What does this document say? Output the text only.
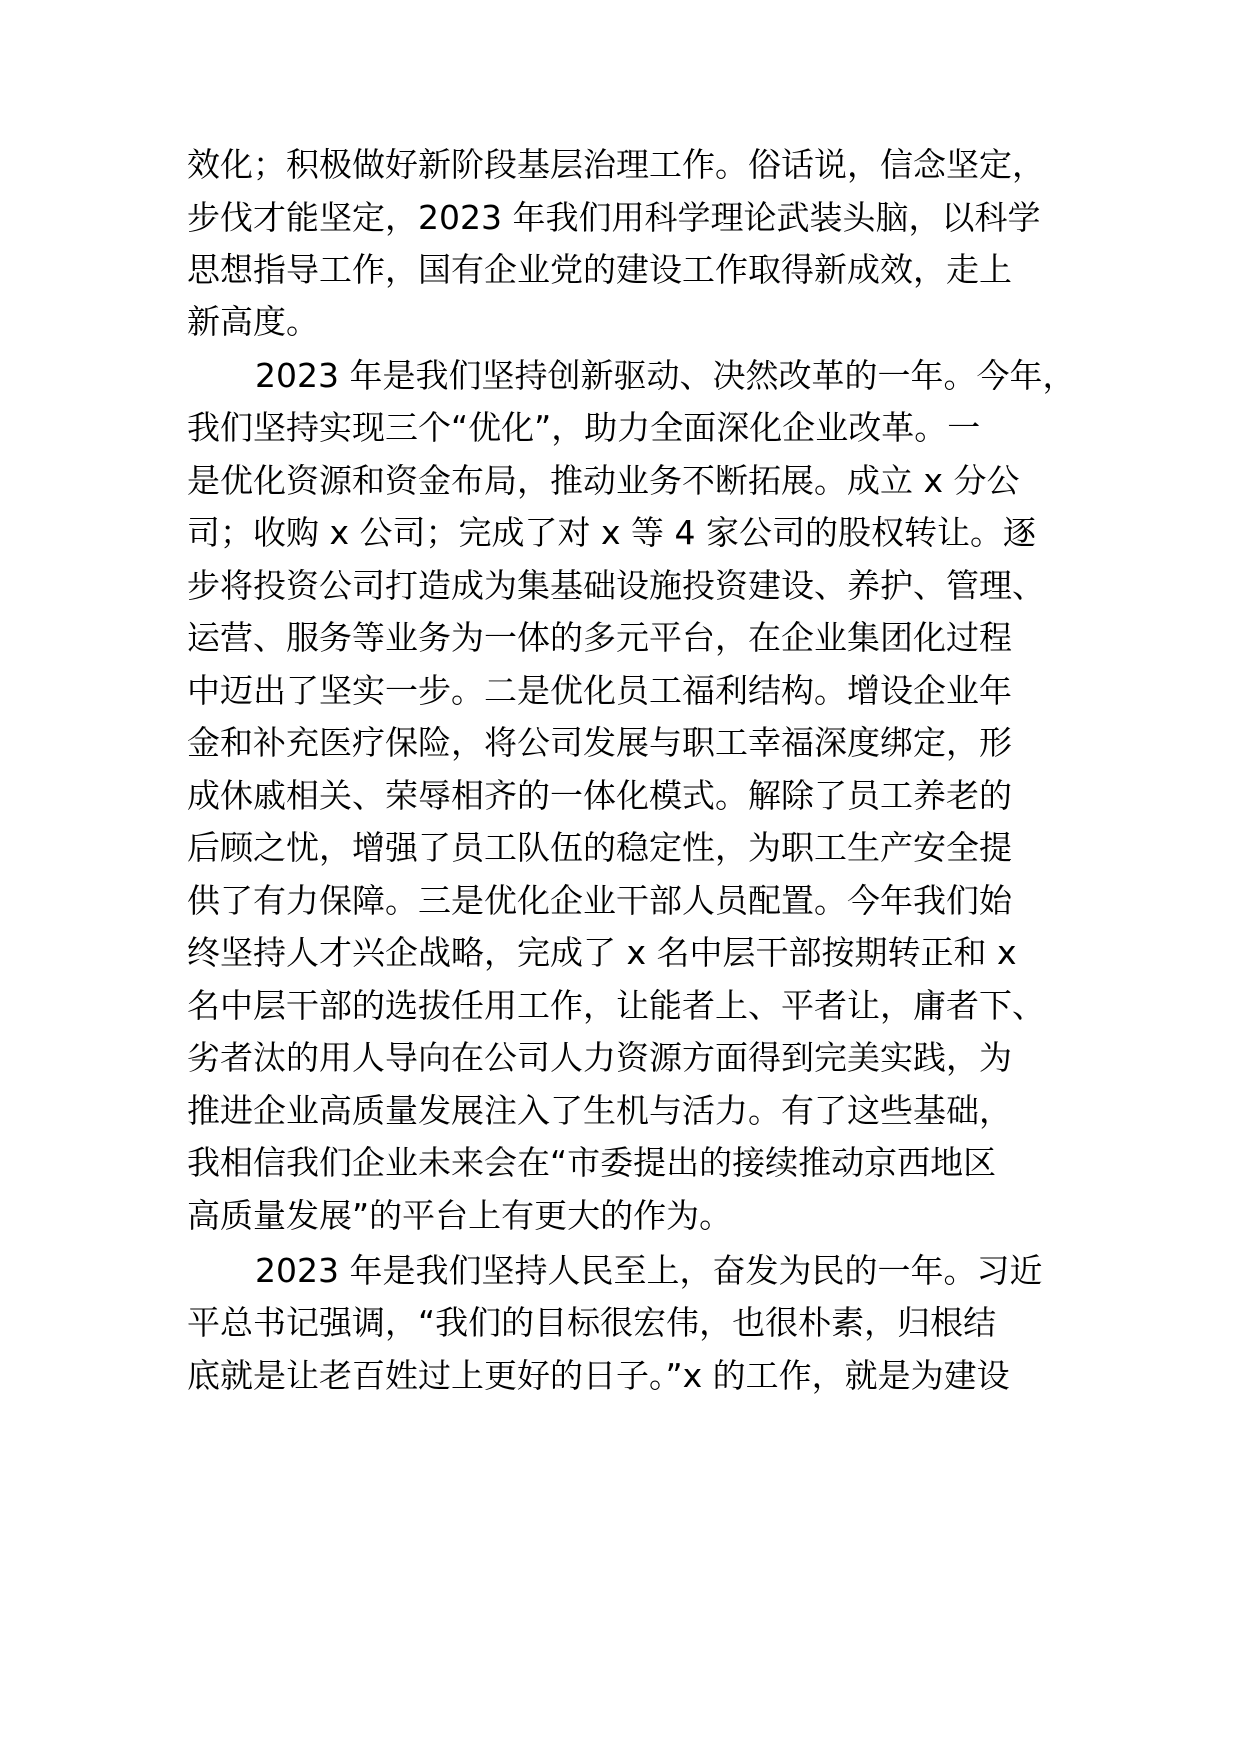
效化；积极做好新阶段基层治理工作。俗话说，信念坚定，

步伐才能坚定，2023 年我们用科学理论武装头脑，以科学

思想指导工作，国有企业党的建设工作取得新成效，走上

新高度。

2023 年是我们坚持创新驱动、决然改革的一年。今年，

我们坚持实现三个“优化”，助力全面深化企业改革。一

是优化资源和资金布局，推动业务不断拓展。成立 x 分公

司；收购 x 公司；完成了对 x 等 4 家公司的股权转让。逐

步将投资公司打造成为集基础设施投资建设、养护、管理、

运营、服务等业务为一体的多元平台，在企业集团化过程

中迈出了坚实一步。二是优化员工福利结构。增设企业年

金和补充医疗保险，将公司发展与职工幸福深度绑定，形

成休戚相关、荣辱相齐的一体化模式。解除了员工养老的

后顾之忧，增强了员工队伍的稳定性，为职工生产安全提

供了有力保障。三是优化企业干部人员配置。今年我们始

终坚持人才兴企战略，完成了 x 名中层干部按期转正和 x

名中层干部的选拔任用工作，让能者上、平者让，庸者下、

劣者汰的用人导向在公司人力资源方面得到完美实践，为

推进企业高质量发展注入了生机与活力。有了这些基础，

我相信我们企业未来会在“市委提出的接续推动京西地区

高质量发展”的平台上有更大的作为。

2023 年是我们坚持人民至上，奋发为民的一年。习近

平总书记强调，“我们的目标很宏伟，也很朴素，归根结

底就是让老百姓过上更好的日子。”x 的工作，就是为建设
